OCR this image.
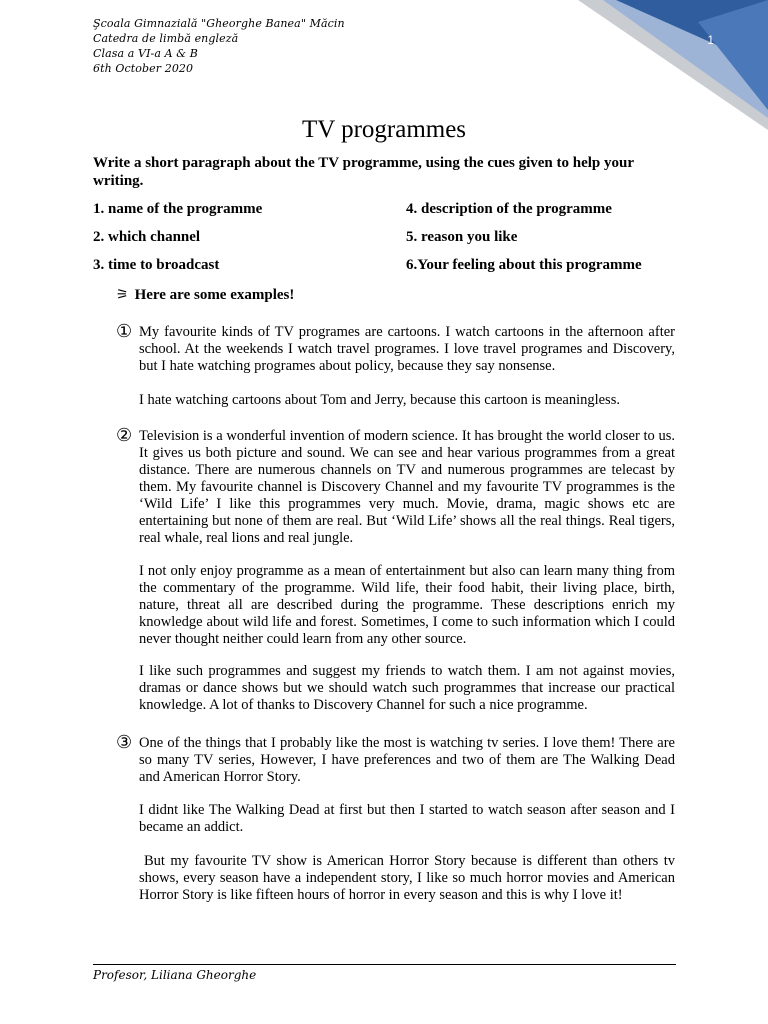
Şcoala Gimnazială "Gheorghe Banea" Măcin
Catedra de limbă engleză
Clasa a VI-a A & B
6th October 2020
1
TV programmes
Write a short paragraph about the TV programme, using the cues given to help your writing.
1. name of the programme	4. description of the programme
2. which channel	5. reason you like
3. time to broadcast	6.Your feeling about this programme
⚞ Here are some examples!
① My favourite kinds of TV programes are cartoons. I watch cartoons in the afternoon after school. At the weekends I watch travel programes. I love travel programes and Discovery, but I hate watching programes about policy, because they say nonsense.
I hate watching cartoons about Tom and Jerry, because this cartoon is meaningless.
② Television is a wonderful invention of modern science. It has brought the world closer to us. It gives us both picture and sound. We can see and hear various programmes from a great distance. There are numerous channels on TV and numerous programmes are telecast by them. My favourite channel is Discovery Channel and my favourite TV programmes is the ‘Wild Life’ I like this programmes very much. Movie, drama, magic shows etc are entertaining but none of them are real. But ‘Wild Life’ shows all the real things. Real tigers, real whale, real lions and real jungle.
I not only enjoy programme as a mean of entertainment but also can learn many thing from the commentary of the programme. Wild life, their food habit, their living place, birth, nature, threat all are described during the programme. These descriptions enrich my knowledge about wild life and forest. Sometimes, I come to such information which I could never thought neither could learn from any other source.
I like such programmes and suggest my friends to watch them. I am not against movies, dramas or dance shows but we should watch such programmes that increase our practical knowledge. A lot of thanks to Discovery Channel for such a nice programme.
③ One of the things that I probably like the most is watching tv series. I love them! There are so many TV series, However, I have preferences and two of them are The Walking Dead and American Horror Story.
I didnt like The Walking Dead at first but then I started to watch season after season and I became an addict.
But my favourite TV show is American Horror Story because is different than others tv shows, every season have a independent story, I like so much horror movies and American Horror Story is like fifteen hours of horror in every season and this is why I love it!
Profesor, Liliana Gheorghe
